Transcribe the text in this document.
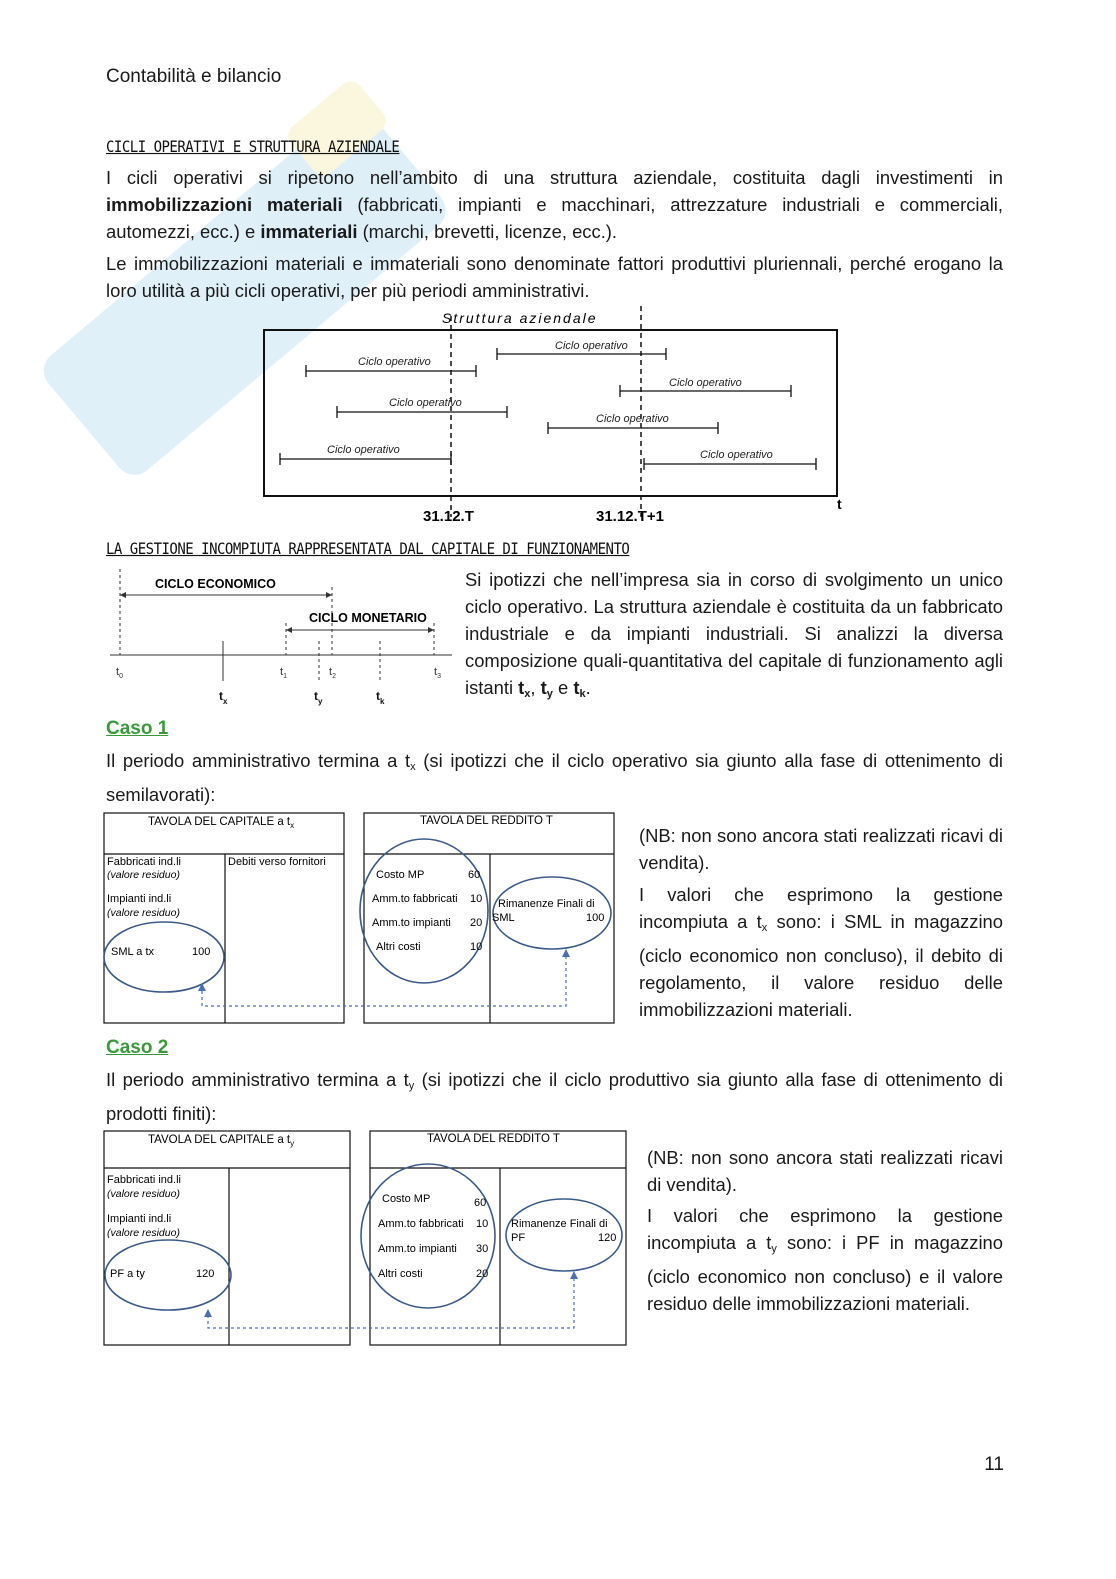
Contabilità e bilancio
CICLI OPERATIVI E STRUTTURA AZIENDALE
I cicli operativi si ripetono nell’ambito di una struttura aziendale, costituita dagli investimenti in immobilizzazioni materiali (fabbricati, impianti e macchinari, attrezzature industriali e commerciali, automezzi, ecc.) e immateriali (marchi, brevetti, licenze, ecc.).
Le immobilizzazioni materiali e immateriali sono denominate fattori produttivi pluriennali, perché erogano la loro utilità a più cicli operativi, per più periodi amministrativi.
Struttura aziendale
Ciclo operativo
Ciclo operativo
Ciclo operativo
Ciclo operativo
Ciclo operativo
Ciclo operativo	Ciclo operativo
t
31.12.T	31.12.T+1
LA GESTIONE INCOMPIUTA RAPPRESENTATA DAL CAPITALE DI FUNZIONAMENTO
CICLO ECONOMICO
CICLO MONETARIO
$t_0$	$t_1$	$t_2$	$t_3$
$t_x$	$t_y$	$t_k$
Si ipotizzi che nell’impresa sia in corso di svolgimento un unico ciclo operativo. La struttura aziendale è costituita da un fabbricato industriale e da impianti industriali. Si analizzi la diversa composizione quali-quantitativa del capitale di funzionamento agli istanti $t_x$, $t_y$ e $t_k$.
Caso 1
Il periodo amministrativo termina a $t_x$ (si ipotizzi che il ciclo operativo sia giunto alla fase di ottenimento di semilavorati):
TAVOLA DEL CAPITALE a $t_x$
Fabbricati ind.li
(valore residuo)
Impianti ind.li
(valore residuo)
Debiti verso fornitori
SML a tx	100
TAVOLA DEL REDDITO T
Costo MP	60
Amm.to fabbricati 10
Amm.to impianti 20
Altri costi	10
Rimanenze Finali di
SML	100
(NB: non sono ancora stati realizzati ricavi di vendita).
I valori che esprimono la gestione incompiuta a $t_x$ sono: i SML in magazzino (ciclo economico non concluso), il debito di regolamento, il valore residuo delle immobilizzazioni materiali.
Caso 2
Il periodo amministrativo termina a $t_y$ (si ipotizzi che il ciclo produttivo sia giunto alla fase di ottenimento di prodotti finiti):
TAVOLA DEL CAPITALE a $t_y$
Fabbricati ind.li
(valore residuo)
Impianti ind.li
(valore residuo)
PF a ty	120
TAVOLA DEL REDDITO T
Costo MP	60
Amm.to fabbricati 10
Amm.to impianti 30
Altri costi	20
Rimanenze Finali di
PF	120
(NB: non sono ancora stati realizzati ricavi di vendita).
I valori che esprimono la gestione incompiuta a $t_y$ sono: i PF in magazzino (ciclo economico non concluso) e il valore residuo delle immobilizzazioni materiali.
11
